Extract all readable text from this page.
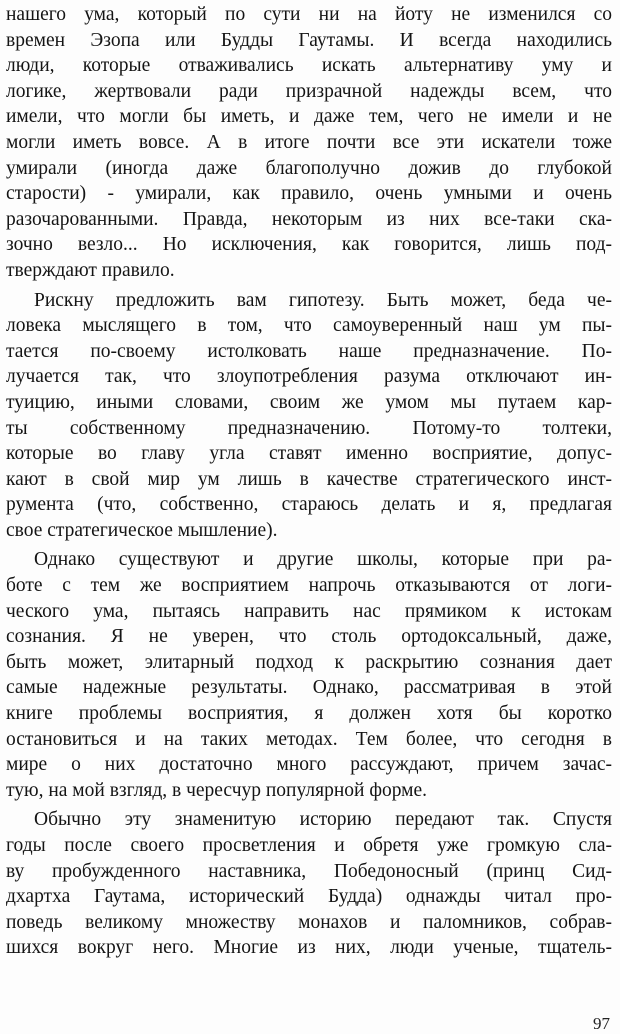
нашего ума, который по сути ни на йоту не изменился со
времен Эзопа или Будды Гаутамы. И всегда находились
люди, которые отваживались искать альтернативу уму и
логике, жертвовали ради призрачной надежды всем, что
имели, что могли бы иметь, и даже тем, чего не имели и не
могли иметь вовсе. А в итоге почти все эти искатели тоже
умирали (иногда даже благополучно дожив до глубокой
старости) - умирали, как правило, очень умными и очень
разочарованными. Правда, некоторым из них все-таки ска-
зочно везло... Но исключения, как говорится, лишь под-
тверждают правило.
Рискну предложить вам гипотезу. Быть может, беда че-
ловека мыслящего в том, что самоуверенный наш ум пы-
тается по-своему истолковать наше предназначение. По-
лучается так, что злоупотребления разума отключают ин-
туицию, иными словами, своим же умом мы путаем кар-
ты собственному предназначению. Потому-то толтеки,
которые во главу угла ставят именно восприятие, допус-
кают в свой мир ум лишь в качестве стратегического инст-
румента (что, собственно, стараюсь делать и я, предлагая
свое стратегическое мышление).
Однако существуют и другие школы, которые при ра-
боте с тем же восприятием напрочь отказываются от логи-
ческого ума, пытаясь направить нас прямиком к истокам
сознания. Я не уверен, что столь ортодоксальный, даже,
быть может, элитарный подход к раскрытию сознания дает
самые надежные результаты. Однако, рассматривая в этой
книге проблемы восприятия, я должен хотя бы коротко
остановиться и на таких методах. Тем более, что сегодня в
мире о них достаточно много рассуждают, причем зачас-
тую, на мой взгляд, в чересчур популярной форме.
Обычно эту знаменитую историю передают так. Спустя
годы после своего просветления и обретя уже громкую сла-
ву пробужденного наставника, Победоносный (принц Сид-
дхартха Гаутама, исторический Будда) однажды читал про-
поведь великому множеству монахов и паломников, собрав-
шихся вокруг него. Многие из них, люди ученые, тщатель-
97
